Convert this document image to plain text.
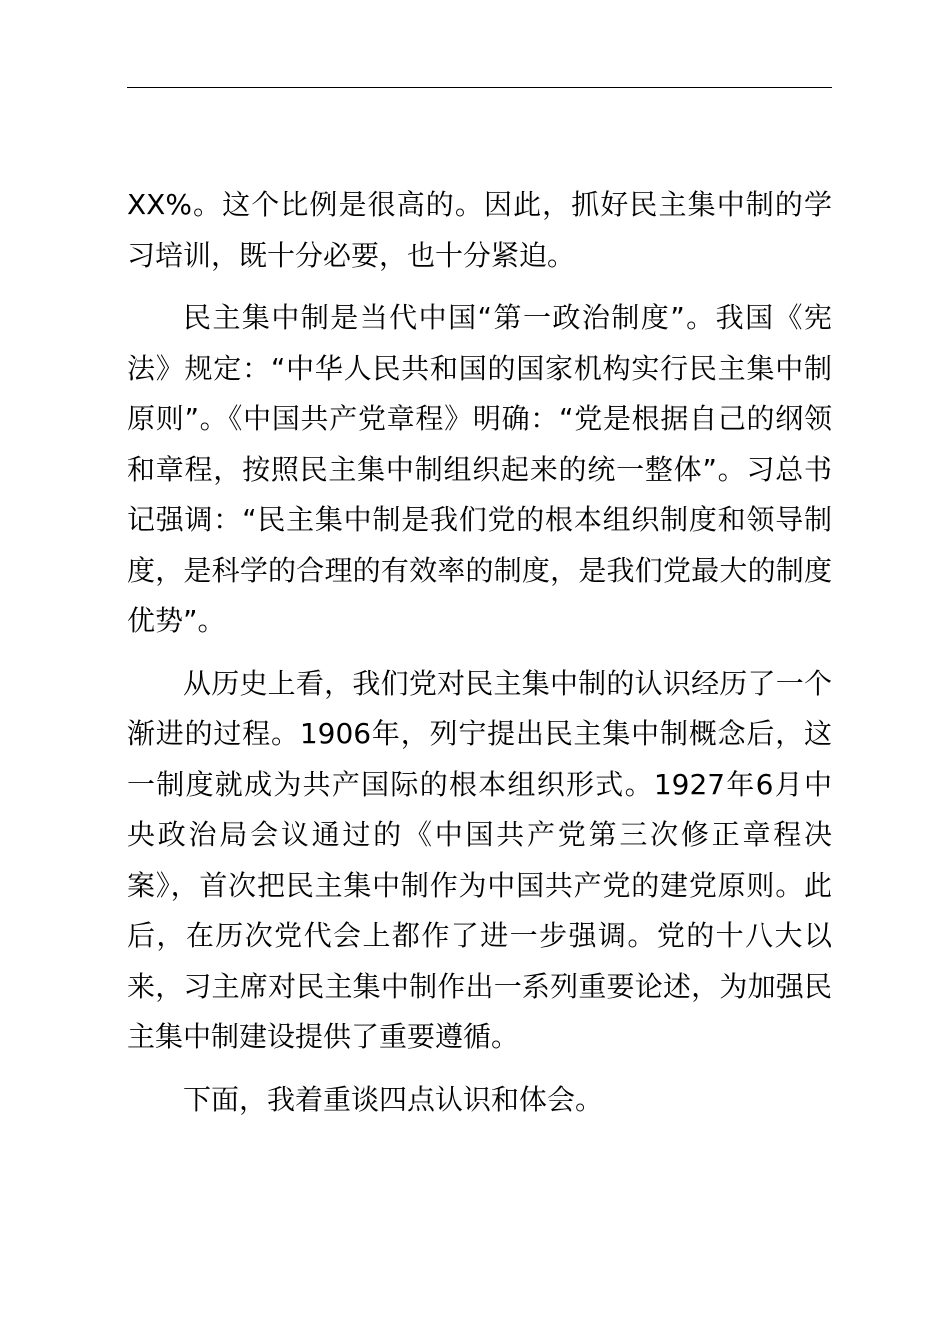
XX%。这个比例是很高的。因此，抓好民主集中制的学习培训，既十分必要，也十分紧迫。

民主集中制是当代中国“第一政治制度”。我国《宪法》规定：“中华人民共和国的国家机构实行民主集中制原则”。《中国共产党章程》明确：“党是根据自己的纲领和章程，按照民主集中制组织起来的统一整体”。习总书记强调：“民主集中制是我们党的根本组织制度和领导制度，是科学的合理的有效率的制度，是我们党最大的制度优势”。

从历史上看，我们党对民主集中制的认识经历了一个渐进的过程。1906年，列宁提出民主集中制概念后，这一制度就成为共产国际的根本组织形式。1927年6月中央政治局会议通过的《中国共产党第三次修正章程决案》，首次把民主集中制作为中国共产党的建党原则。此后，在历次党代会上都作了进一步强调。党的十八大以来，习主席对民主集中制作出一系列重要论述，为加强民主集中制建设提供了重要遵循。

下面，我着重谈四点认识和体会。
